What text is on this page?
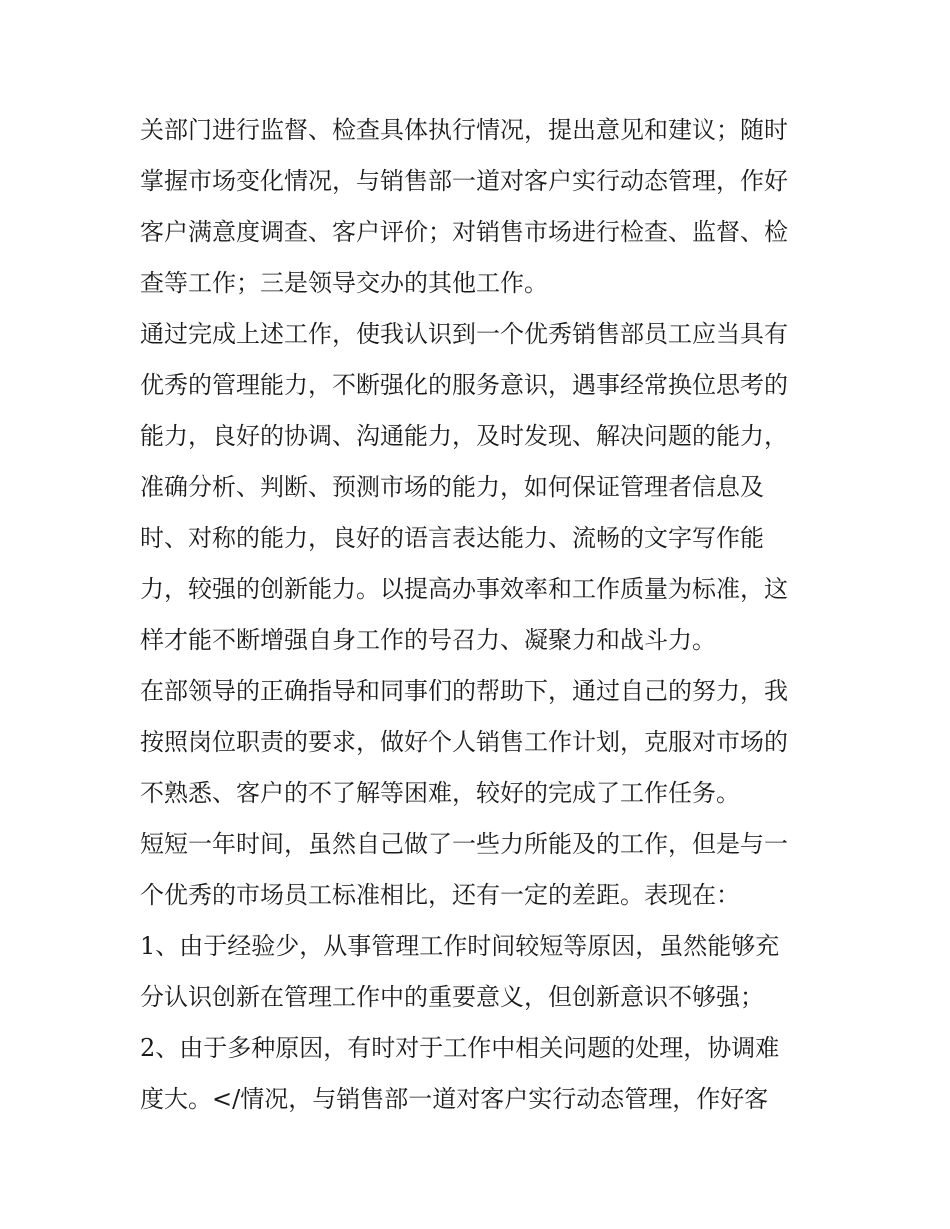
关部门进行监督、检查具体执行情况，提出意见和建议；随时
掌握市场变化情况，与销售部一道对客户实行动态管理，作好
客户满意度调查、客户评价；对销售市场进行检查、监督、检
查等工作；三是领导交办的其他工作。
通过完成上述工作，使我认识到一个优秀销售部员工应当具有
优秀的管理能力，不断强化的服务意识，遇事经常换位思考的
能力，良好的协调、沟通能力，及时发现、解决问题的能力，
准确分析、判断、预测市场的能力，如何保证管理者信息及
时、对称的能力，良好的语言表达能力、流畅的文字写作能
力，较强的创新能力。以提高办事效率和工作质量为标准，这
样才能不断增强自身工作的号召力、凝聚力和战斗力。
在部领导的正确指导和同事们的帮助下，通过自己的努力，我
按照岗位职责的要求，做好个人销售工作计划，克服对市场的
不熟悉、客户的不了解等困难，较好的完成了工作任务。
短短一年时间，虽然自己做了一些力所能及的工作，但是与一
个优秀的市场员工标准相比，还有一定的差距。表现在：
1、由于经验少，从事管理工作时间较短等原因，虽然能够充
分认识创新在管理工作中的重要意义，但创新意识不够强；
2、由于多种原因，有时对于工作中相关问题的处理，协调难
度大。</情况，与销售部一道对客户实行动态管理，作好客
